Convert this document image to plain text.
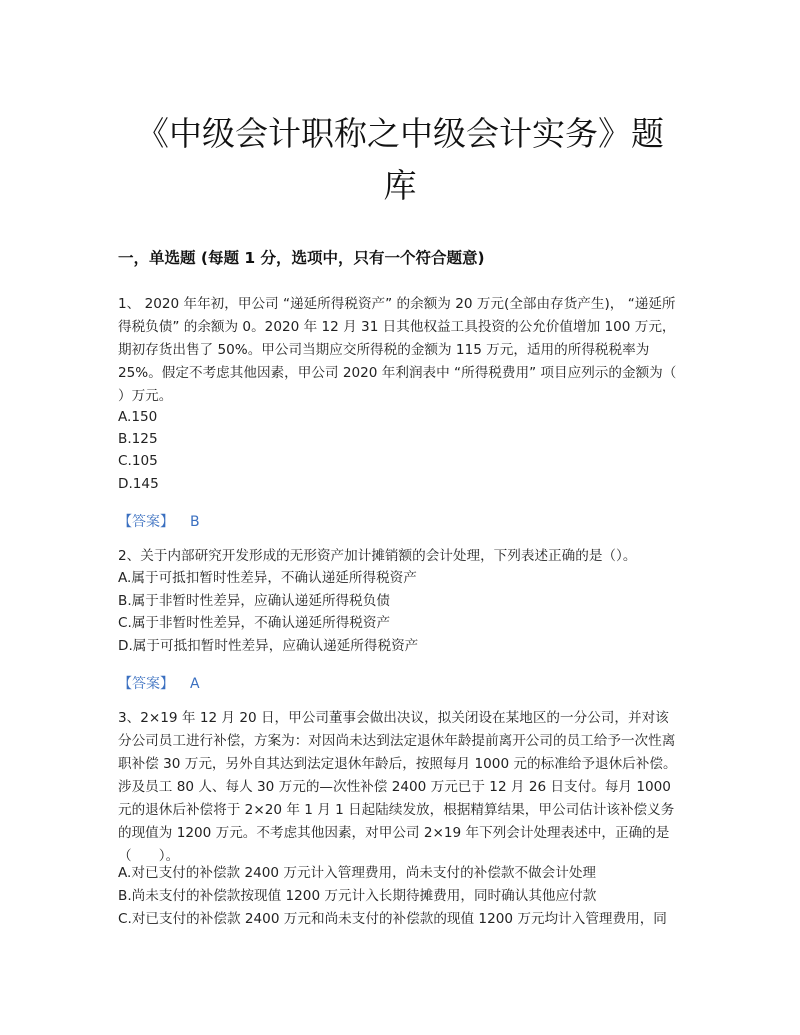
《中级会计职称之中级会计实务》题
库
一，单选题 (每题 1 分，选项中，只有一个符合题意)

1、 2020 年年初，甲公司 “递延所得税资产” 的余额为 20 万元(全部由存货产生)， “递延所得税负债” 的余额为 0。2020 年 12 月 31 日其他权益工具投资的公允价值增加 100 万元，期初存货出售了 50%。甲公司当期应交所得税的金额为 115 万元，适用的所得税税率为 25%。假定不考虑其他因素，甲公司 2020 年利润表中 “所得税费用” 项目应列示的金额为（ ）万元。

A.150
B.125
C.105
D.145
【答案】 B

2、关于内部研究开发形成的无形资产加计摊销额的会计处理，下列表述正确的是（）。

A.属于可抵扣暂时性差异，不确认递延所得税资产
B.属于非暂时性差异，应确认递延所得税负债
C.属于非暂时性差异，不确认递延所得税资产
D.属于可抵扣暂时性差异，应确认递延所得税资产
【答案】 A

3、2×19 年 12 月 20 日，甲公司董事会做出决议，拟关闭设在某地区的一分公司，并对该分公司员工进行补偿，方案为：对因尚未达到法定退休年龄提前离开公司的员工给予一次性离职补偿 30 万元，另外自其达到法定退休年龄后，按照每月 1000 元的标准给予退休后补偿。涉及员工 80 人、每人 30 万元的—次性补偿 2400 万元已于 12 月 26 日支付。每月 1000 元的退休后补偿将于 2×20 年 1 月 1 日起陆续发放，根据精算结果，甲公司估计该补偿义务的现值为 1200 万元。不考虑其他因素，对甲公司 2×19 年下列会计处理表述中，正确的是（　　）。

A.对已支付的补偿款 2400 万元计入管理费用，尚未支付的补偿款不做会计处理
B.尚未支付的补偿款按现值 1200 万元计入长期待摊费用，同时确认其他应付款
C.对已支付的补偿款 2400 万元和尚未支付的补偿款的现值 1200 万元均计入管理费用，同
